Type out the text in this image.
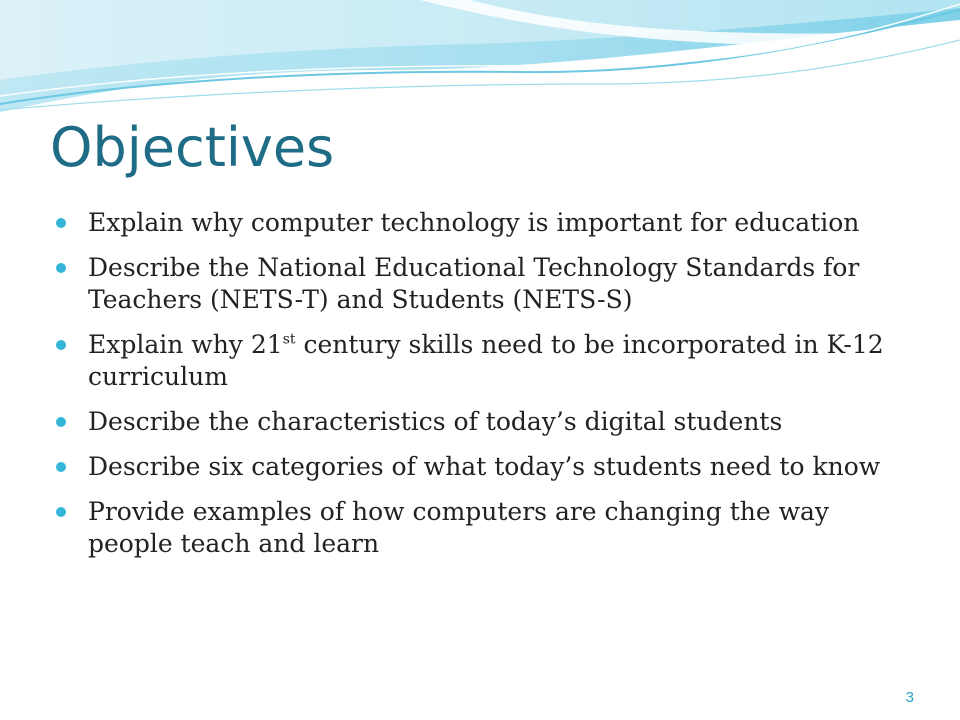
Objectives
Explain why computer technology is important for education
Describe the National Educational Technology Standards for Teachers (NETS-T) and Students (NETS-S)
Explain why 21st century skills need to be incorporated in K-12 curriculum
Describe the characteristics of today’s digital students
Describe six categories of what today’s students need to know
Provide examples of how computers are changing the way people teach and learn
3
